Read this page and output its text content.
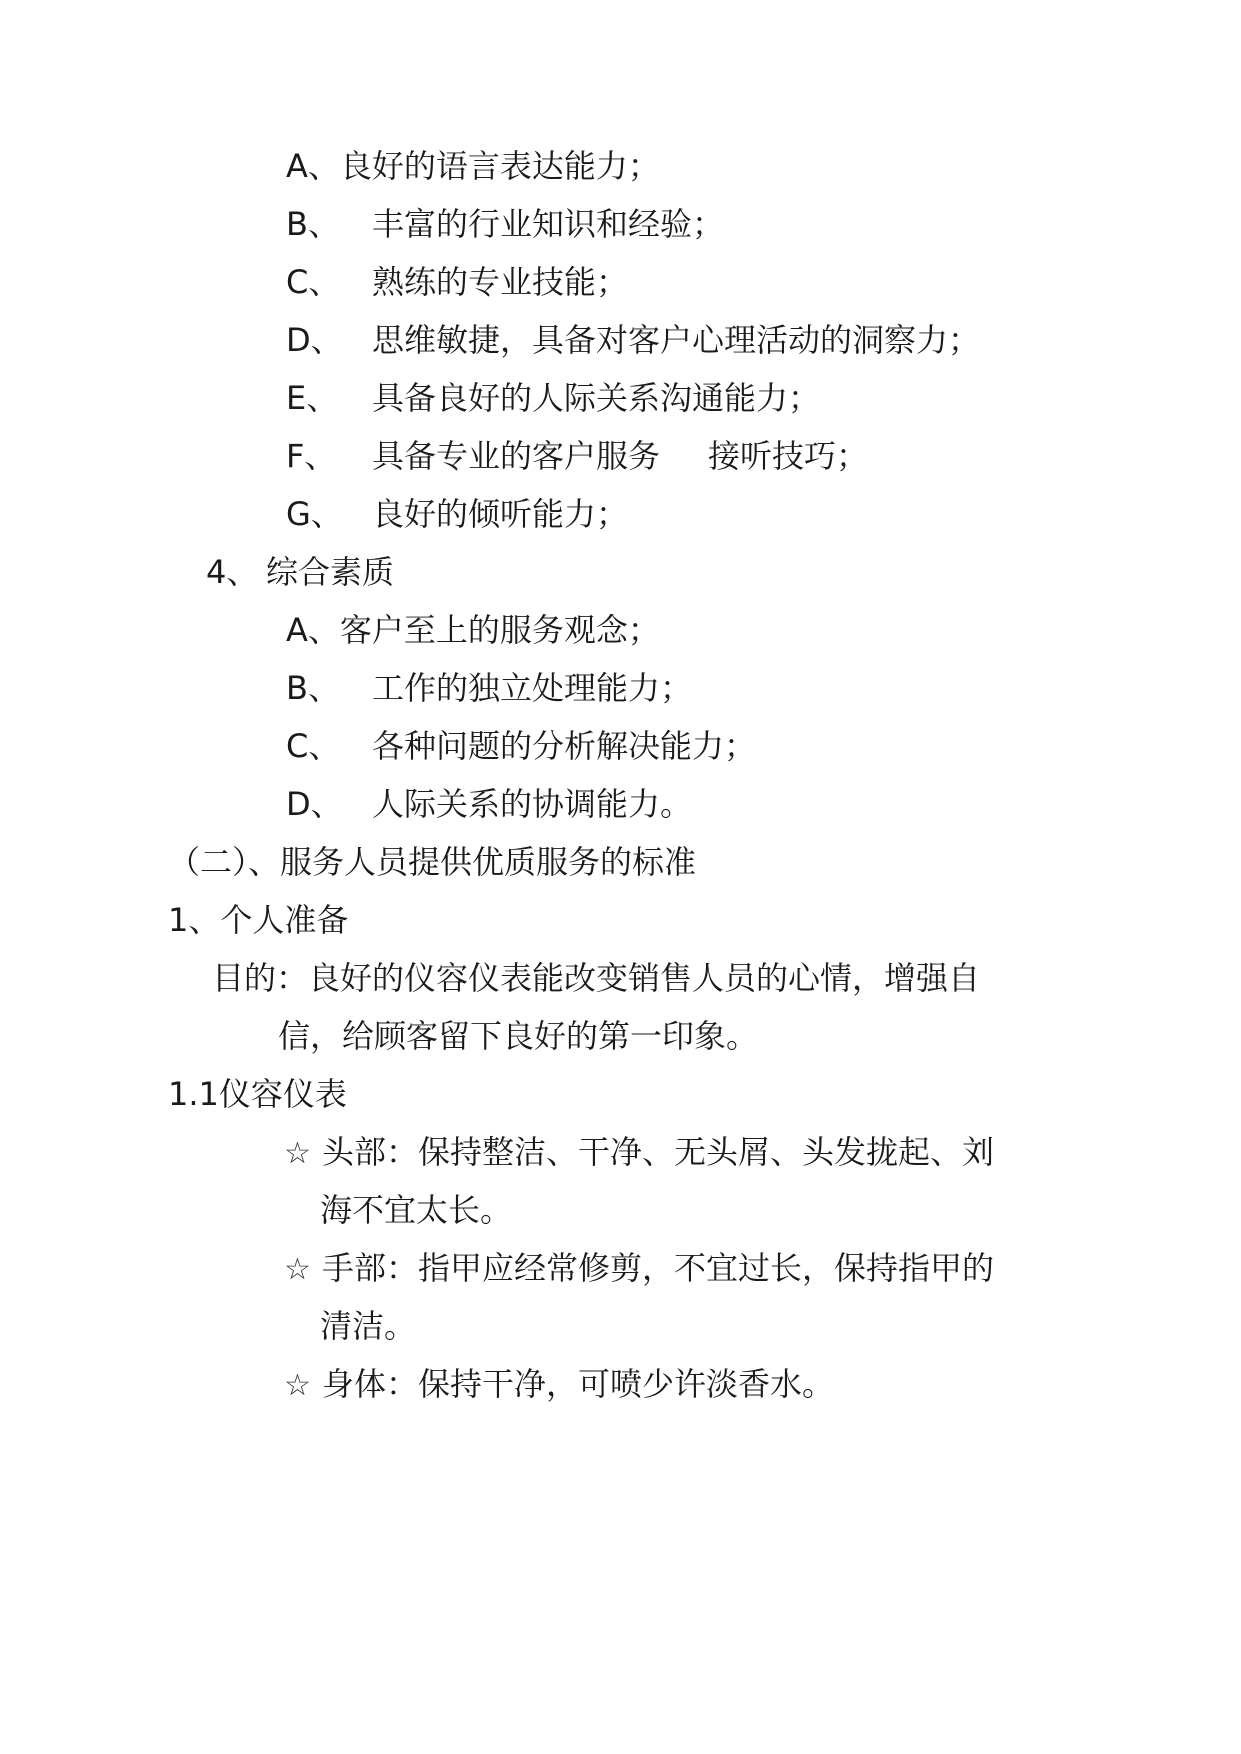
A、良好的语言表达能力；
B、 丰富的行业知识和经验；
C、 熟练的专业技能；
D、 思维敏捷，具备对客户心理活动的洞察力；
E、 具备良好的人际关系沟通能力；
F、 具备专业的客户服务 接听技巧；
G、 良好的倾听能力；
4、 综合素质
A、客户至上的服务观念；
B、 工作的独立处理能力；
C、 各种问题的分析解决能力；
D、 人际关系的协调能力。
（二）、服务人员提供优质服务的标准
1、个人准备
目的：良好的仪容仪表能改变销售人员的心情，增强自
信，给顾客留下良好的第一印象。
1.1仪容仪表
☆ 头部：保持整洁、干净、无头屑、头发拢起、刘
海不宜太长。
☆ 手部：指甲应经常修剪，不宜过长，保持指甲的
清洁。
☆ 身体：保持干净，可喷少许淡香水。
